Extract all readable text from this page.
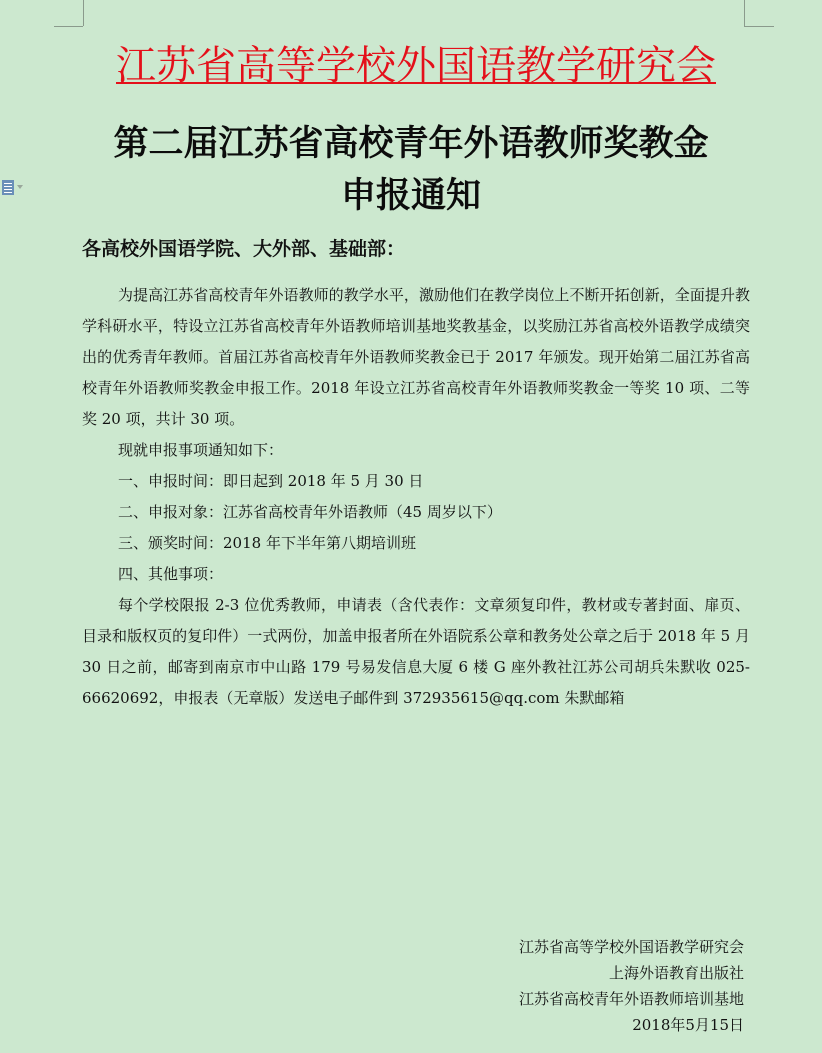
江苏省高等学校外国语教学研究会
第二届江苏省高校青年外语教师奖教金
申报通知
各高校外国语学院、大外部、基础部：

为提高江苏省高校青年外语教师的教学水平，激励他们在教学岗位上不断开拓创新，全面提升教学科研水平，特设立江苏省高校青年外语教师培训基地奖教基金，以奖励江苏省高校外语教学成绩突出的优秀青年教师。首届江苏省高校青年外语教师奖教金已于 2017 年颁发。现开始第二届江苏省高校青年外语教师奖教金申报工作。2018 年设立江苏省高校青年外语教师奖教金一等奖 10 项、二等奖 20 项，共计 30 项。

现就申报事项通知如下：

一、申报时间：即日起到 2018 年 5 月 30 日

二、申报对象：江苏省高校青年外语教师（45 周岁以下）

三、颁奖时间：2018 年下半年第八期培训班

四、其他事项：

每个学校限报 2-3 位优秀教师，申请表（含代表作：文章须复印件，教材或专著封面、扉页、目录和版权页的复印件）一式两份，加盖申报者所在外语院系公章和教务处公章之后于 2018 年 5 月 30 日之前，邮寄到南京市中山路 179 号易发信息大厦 6 楼 G 座外教社江苏公司胡兵朱默收 025-66620692，申报表（无章版）发送电子邮件到 372935615@qq.com 朱默邮箱

江苏省高等学校外国语教学研究会
上海外语教育出版社
江苏省高校青年外语教师培训基地
2018年5月15日
